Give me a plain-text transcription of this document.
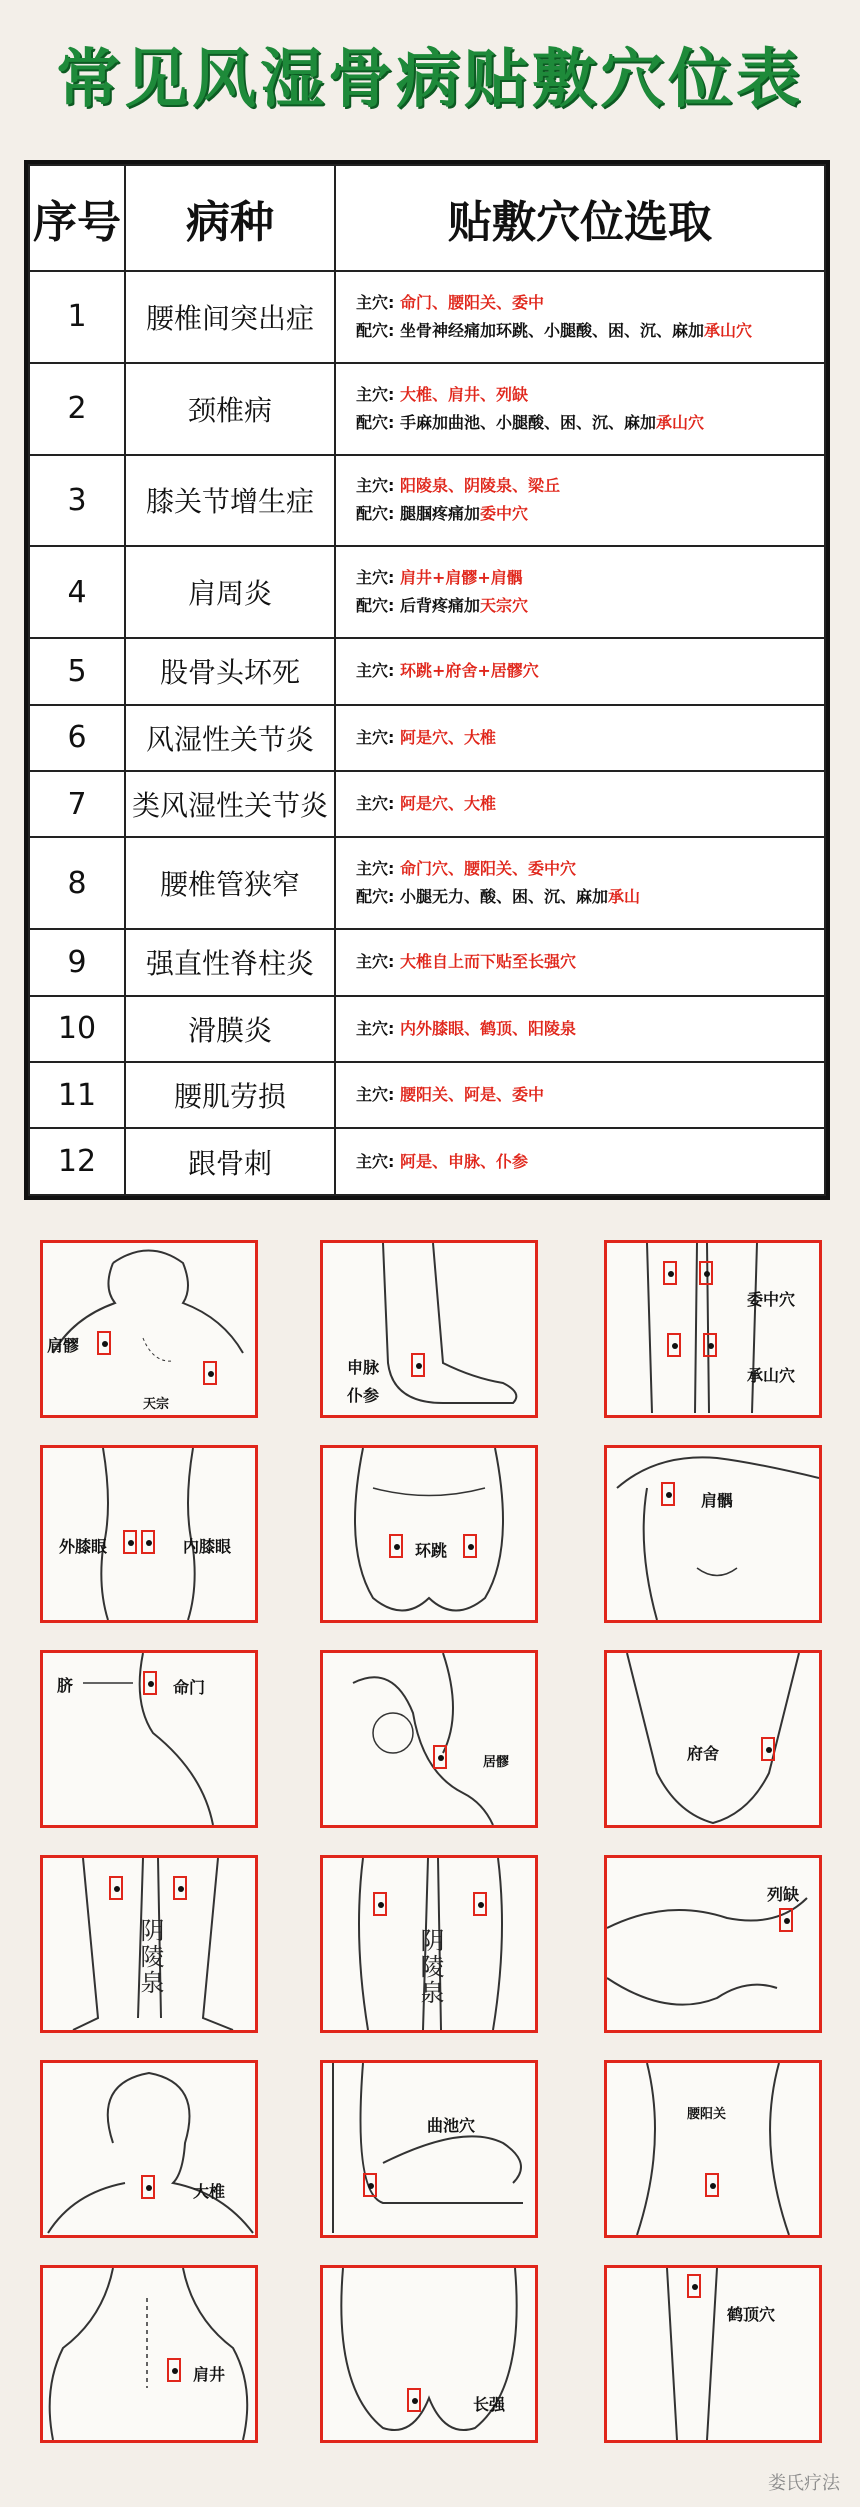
常见风湿骨病贴敷穴位表
序号	病种	贴敷穴位选取
1	腰椎间突出症	主穴: 命门、腰阳关、委中
配穴: 坐骨神经痛加环跳、小腿酸、困、沉、麻加承山穴

2	颈椎病	主穴: 大椎、肩井、列缺
配穴: 手麻加曲池、小腿酸、困、沉、麻加承山穴

3	膝关节增生症	主穴: 阳陵泉、阴陵泉、梁丘
配穴: 腿腘疼痛加委中穴

4	肩周炎	主穴: 肩井+肩髎+肩髃
配穴: 后背疼痛加天宗穴

5	股骨头坏死	主穴: 环跳+府舍+居髎穴

6	风湿性关节炎	主穴: 阿是穴、大椎

7	类风湿性关节炎	主穴: 阿是穴、大椎

8	腰椎管狭窄	主穴: 命门穴、腰阳关、委中穴
配穴: 小腿无力、酸、困、沉、麻加承山

9	强直性脊柱炎	主穴: 大椎自上而下贴至长强穴

10	滑膜炎	主穴: 内外膝眼、鹤顶、阳陵泉

11	腰肌劳损	主穴: 腰阳关、阿是、委中

12	跟骨刺	主穴: 阿是、申脉、仆参
肩髎
天宗
申脉
仆参
委中穴
承山穴
外膝眼	内膝眼	环跳
肩髃
脐	命门
居髎	府舍
阴陵泉	阴陵泉
列缺
大椎
曲池穴
腰阳关
肩井
长强
鹤顶穴
娄氏疗法
